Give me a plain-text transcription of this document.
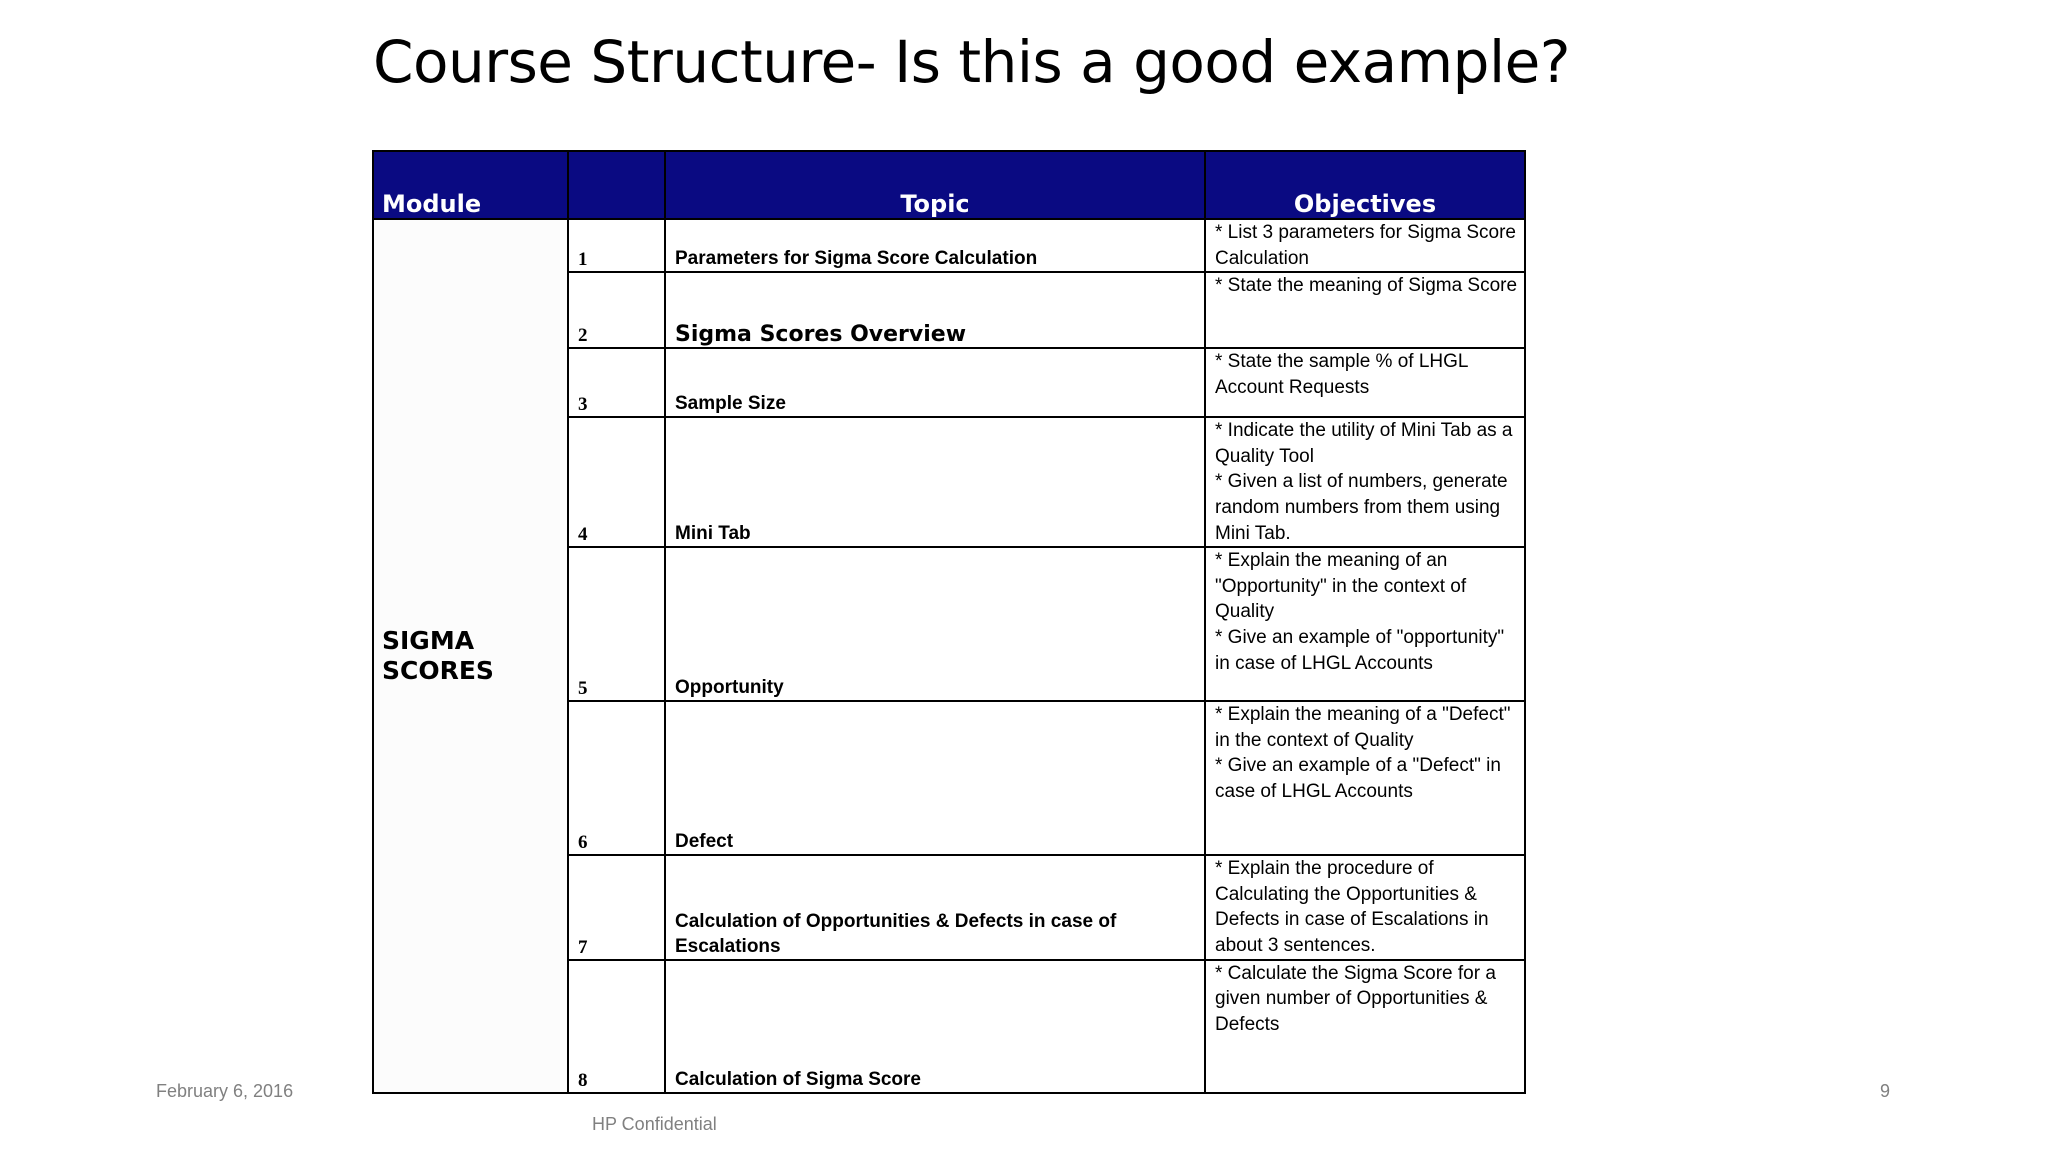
Course Structure- Is this a good example?
Module		Topic	Objectives

SIGMA SCORES	1	Parameters for Sigma Score Calculation	* List 3 parameters for Sigma Score Calculation

	2	Sigma Scores Overview	* State the meaning of Sigma Score

	3	Sample Size	* State the sample % of LHGL Account Requests

	4	Mini Tab	* Indicate the utility of Mini Tab as a Quality Tool
* Given a list of numbers, generate random numbers from them using Mini Tab.

	5	Opportunity	* Explain the meaning of an "Opportunity" in the context of Quality
* Give an example of "opportunity" in case of LHGL Accounts

	6	Defect	* Explain the meaning of a "Defect" in the context of Quality
* Give an example of a "Defect" in case of LHGL Accounts

	7	Calculation of Opportunities & Defects in case of Escalations	* Explain the procedure of Calculating the Opportunities & Defects in case of Escalations in about 3 sentences.

	8	Calculation of Sigma Score	* Calculate the Sigma Score for a given number of Opportunities & Defects
February 6, 2016	9
HP Confidential
